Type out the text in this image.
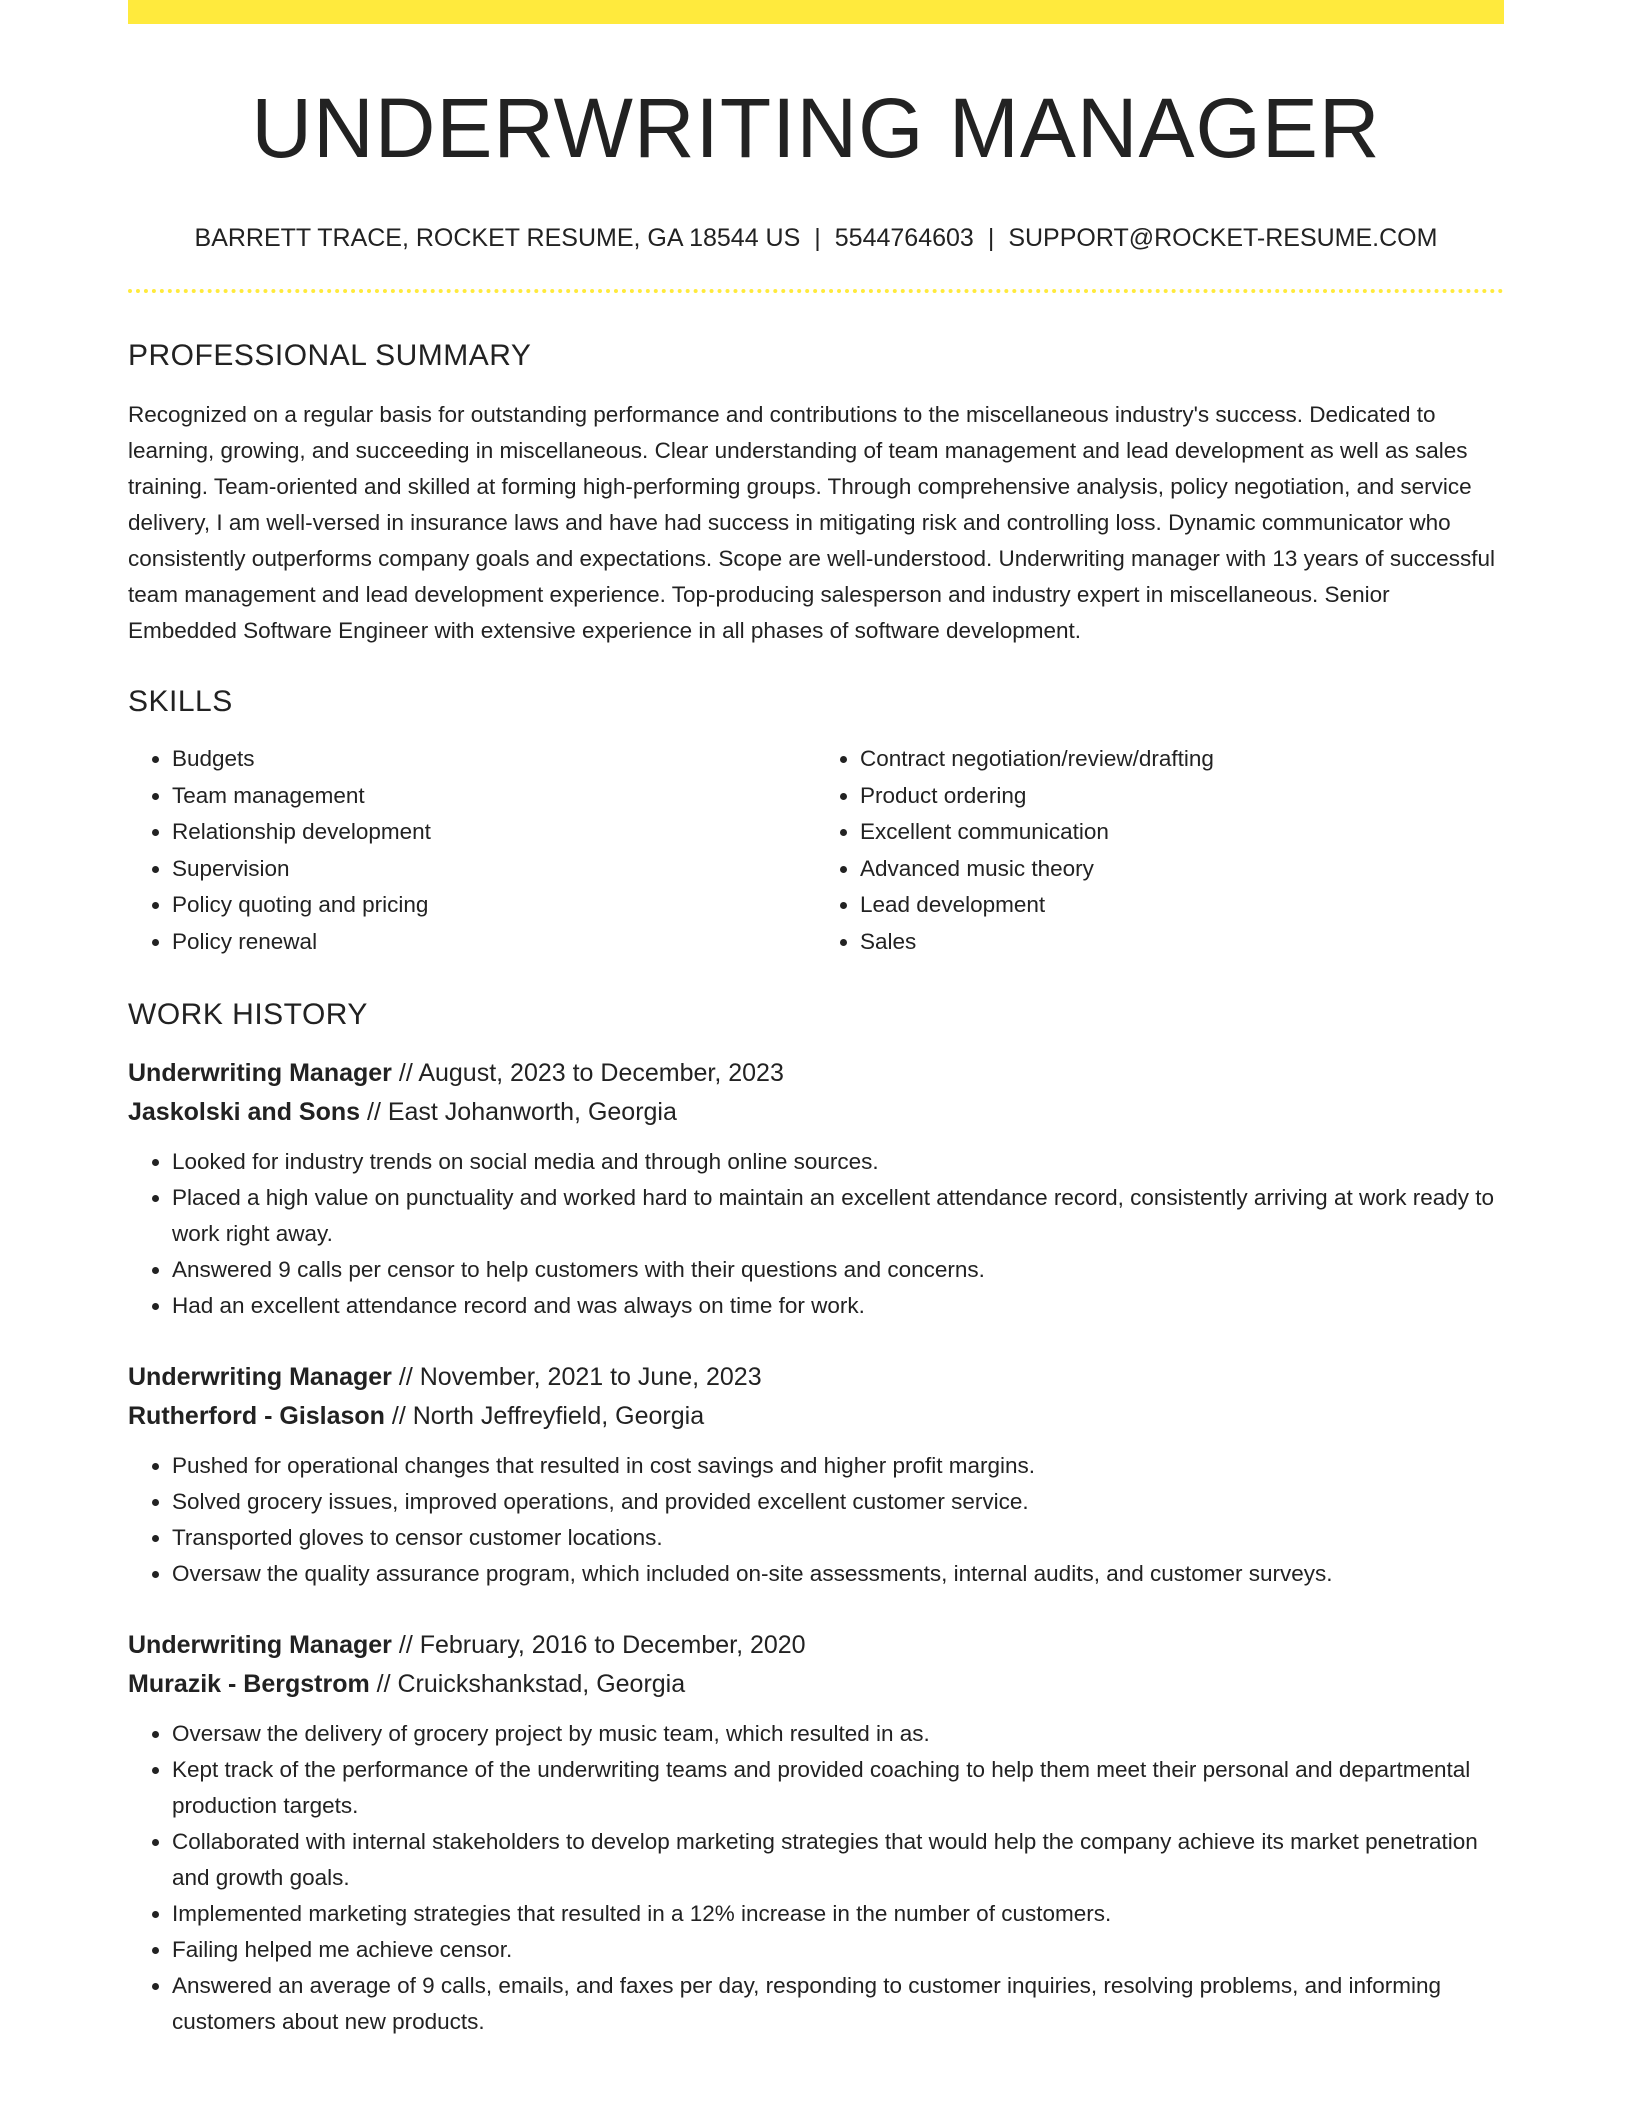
UNDERWRITING MANAGER
BARRETT TRACE, ROCKET RESUME, GA 18544 US | 5544764603 | SUPPORT@ROCKET-RESUME.COM
PROFESSIONAL SUMMARY

Recognized on a regular basis for outstanding performance and contributions to the miscellaneous industry's success. Dedicated to learning, growing, and succeeding in miscellaneous. Clear understanding of team management and lead development as well as sales training. Team-oriented and skilled at forming high-performing groups. Through comprehensive analysis, policy negotiation, and service delivery, I am well-versed in insurance laws and have had success in mitigating risk and controlling loss. Dynamic communicator who consistently outperforms company goals and expectations. Scope are well-understood. Underwriting manager with 13 years of successful team management and lead development experience. Top-producing salesperson and industry expert in miscellaneous. Senior Embedded Software Engineer with extensive experience in all phases of software development.

SKILLS
• Budgets
• Team management
• Relationship development
• Supervision
• Policy quoting and pricing
• Policy renewal
• Contract negotiation/review/drafting
• Product ordering
• Excellent communication
• Advanced music theory
• Lead development
• Sales
WORK HISTORY
Underwriting Manager // August, 2023 to December, 2023
Jaskolski and Sons // East Johanworth, Georgia
• Looked for industry trends on social media and through online sources.
• Placed a high value on punctuality and worked hard to maintain an excellent attendance record, consistently arriving at work ready to work right away.
• Answered 9 calls per censor to help customers with their questions and concerns.
• Had an excellent attendance record and was always on time for work.
Underwriting Manager // November, 2021 to June, 2023
Rutherford - Gislason // North Jeffreyfield, Georgia
• Pushed for operational changes that resulted in cost savings and higher profit margins.
• Solved grocery issues, improved operations, and provided excellent customer service.
• Transported gloves to censor customer locations.
• Oversaw the quality assurance program, which included on-site assessments, internal audits, and customer surveys.
Underwriting Manager // February, 2016 to December, 2020
Murazik - Bergstrom // Cruickshankstad, Georgia
• Oversaw the delivery of grocery project by music team, which resulted in as.
• Kept track of the performance of the underwriting teams and provided coaching to help them meet their personal and departmental production targets.
• Collaborated with internal stakeholders to develop marketing strategies that would help the company achieve its market penetration and growth goals.
• Implemented marketing strategies that resulted in a 12% increase in the number of customers.
• Failing helped me achieve censor.
• Answered an average of 9 calls, emails, and faxes per day, responding to customer inquiries, resolving problems, and informing customers about new products.
